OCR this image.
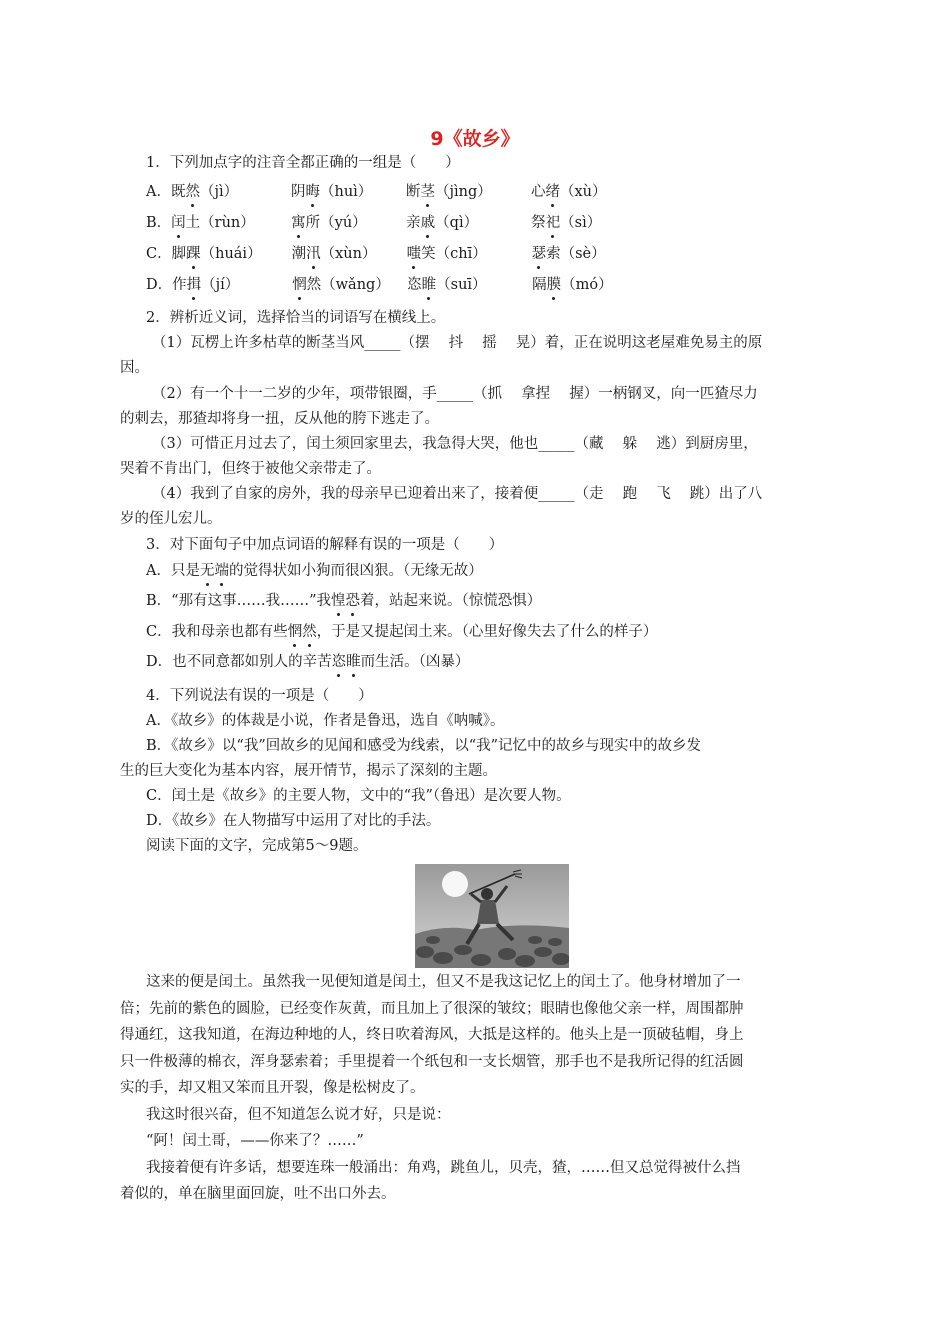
9《故乡》
1．下列加点字的注音全都正确的一组是（　　）
A．既然（jì）	阴晦（huì） 断茎（jìng）	心绪（xù）
B．闰土（rùn）	寓所（yú）	亲戚（qì）	祭祀（sì）
C．脚踝（huái） 潮汛（xùn） 嗤笑（chī）	瑟索（sè）
D．作揖（jí）	惘然（wǎng） 恣睢（suī）	隔膜（mó）
2．辨析近义词，选择恰当的词语写在横线上。
（1）瓦楞上许多枯草的断茎当风_____（摆　 抖　 摇　 晃）着，正在说明这老屋难免易主的原
因。
（2）有一个十一二岁的少年，项带银圈，手_____（抓　 拿捏　 握）一柄钢叉，向一匹猹尽力
的刺去，那猹却将身一扭，反从他的胯下逃走了。
（3）可惜正月过去了，闰土须回家里去，我急得大哭，他也_____（藏　 躲　 逃）到厨房里，
哭着不肯出门，但终于被他父亲带走了。
（4）我到了自家的房外，我的母亲早已迎着出来了，接着便_____（走　 跑　 飞　 跳）出了八
岁的侄儿宏儿。
3．对下面句子中加点词语的解释有误的一项是（　　）
A．只是无端的觉得状如小狗而很凶狠。（无缘无故）
B．“那有这事……我……”我惶恐着，站起来说。（惊慌恐惧）
C．我和母亲也都有些惘然，于是又提起闰土来。（心里好像失去了什么的样子）
D．也不同意都如别人的辛苦恣睢而生活。（凶暴）
4．下列说法有误的一项是（　　）
A．《故乡》的体裁是小说，作者是鲁迅，选自《呐喊》。
B．《故乡》以“我”回故乡的见闻和感受为线索，以“我”记忆中的故乡与现实中的故乡发
生的巨大变化为基本内容，展开情节，揭示了深刻的主题。
C．闰土是《故乡》的主要人物，文中的“我”（鲁迅）是次要人物。
D．《故乡》在人物描写中运用了对比的手法。
阅读下面的文字，完成第5～9题。
这来的便是闰土。虽然我一见便知道是闰土，但又不是我这记忆上的闰土了。他身材增加了一
倍；先前的紫色的圆脸，已经变作灰黄，而且加上了很深的皱纹；眼睛也像他父亲一样，周围都肿
得通红，这我知道，在海边种地的人，终日吹着海风，大抵是这样的。他头上是一顶破毡帽，身上
只一件极薄的棉衣，浑身瑟索着；手里提着一个纸包和一支长烟管，那手也不是我所记得的红活圆
实的手，却又粗又笨而且开裂，像是松树皮了。
我这时很兴奋，但不知道怎么说才好，只是说：
“阿！闰土哥，——你来了？……”
我接着便有许多话，想要连珠一般涌出：角鸡，跳鱼儿，贝壳，猹，……但又总觉得被什么挡
着似的，单在脑里面回旋，吐不出口外去。
